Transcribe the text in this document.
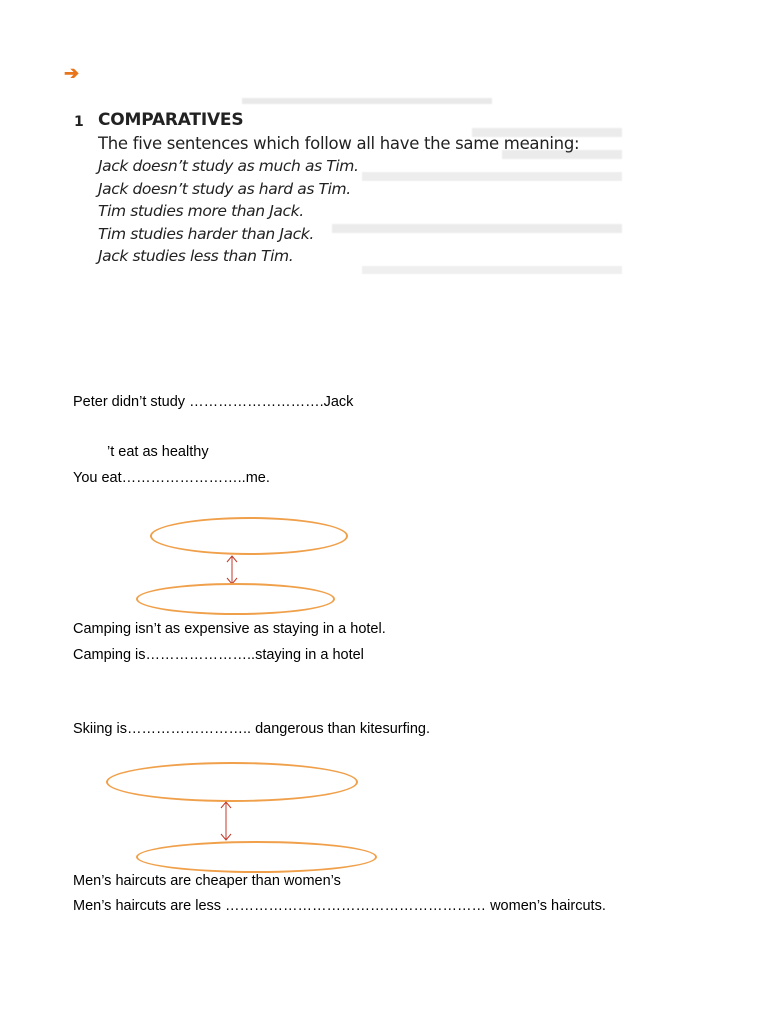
➔
1 COMPARATIVES
The five sentences which follow all have the same meaning:
Jack doesn’t study as much as Tim.
Jack doesn’t study as hard as Tim.
Tim studies more than Jack.
Tim studies harder than Jack.
Jack studies less than Tim.
Peter didn’t study ……………………….Jack
’t eat as healthy
You eat……………………..me.
Camping isn’t as expensive as staying in a hotel.
Camping is…………………..staying in a hotel
Skiing is…………………….. dangerous than kitesurfing.
Men’s haircuts are cheaper than women’s
Men’s haircuts are less ……………………………………………… women’s haircuts.
